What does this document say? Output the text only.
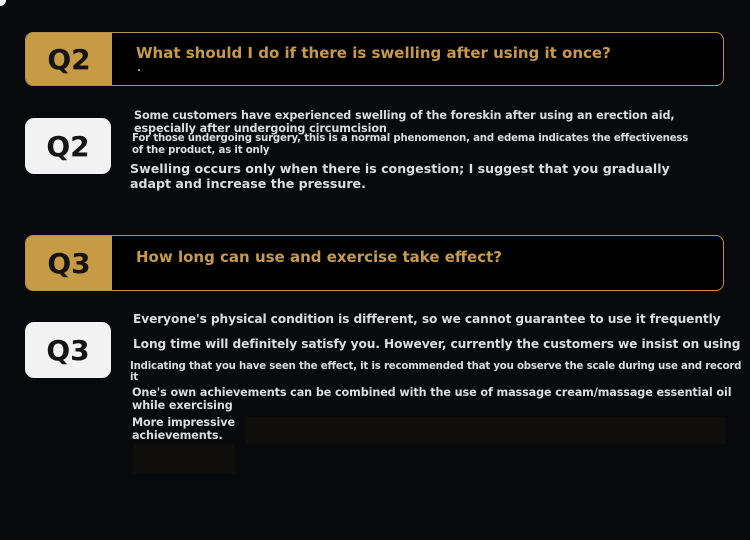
Q2	What should I do if there is swelling after using it once?
Q2
Some customers have experienced swelling of the foreskin after using an erection aid,
especially after undergoing circumcision
For those undergoing surgery, this is a normal phenomenon, and edema indicates the effectiveness
of the product, as it only
Swelling occurs only when there is congestion; I suggest that you gradually
adapt and increase the pressure.
Q3	How long can use and exercise take effect?
Q3
Everyone's physical condition is different, so we cannot guarantee to use it frequently
Long time will definitely satisfy you. However, currently the customers we insist on using
Indicating that you have seen the effect, it is recommended that you observe the scale during use and record
it
One's own achievements can be combined with the use of massage cream/massage essential oil
while exercising
More impressive
achievements.
